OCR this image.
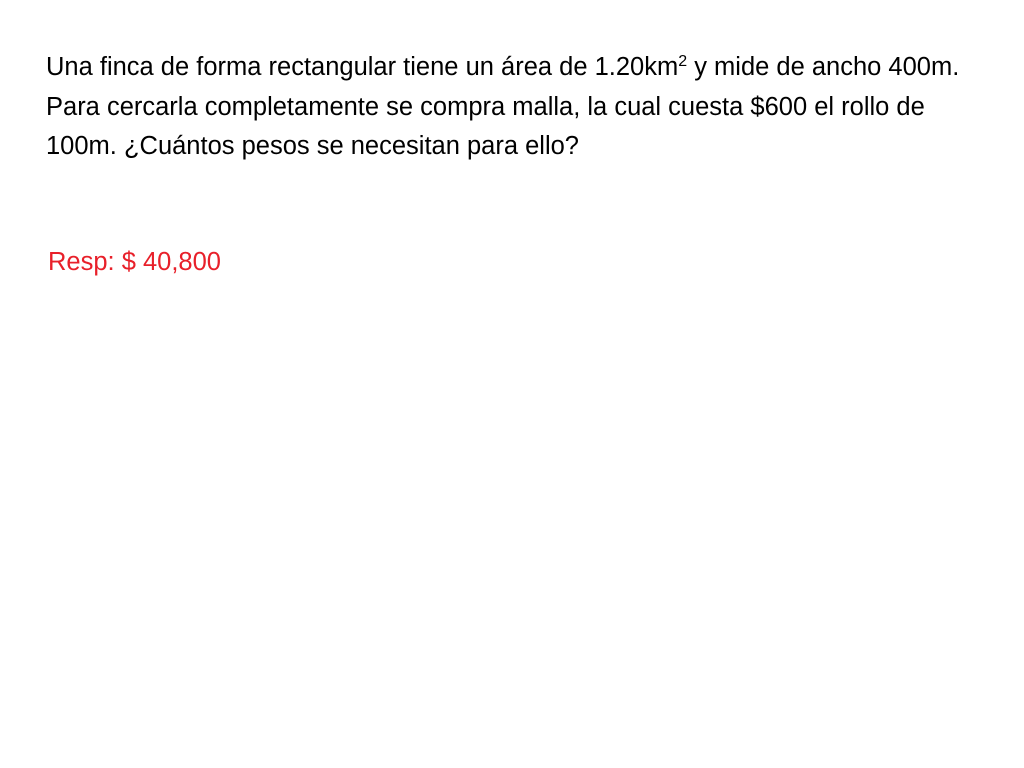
Una finca de forma rectangular tiene un área de $1.20km^2$ y mide de ancho 400m. Para cercarla completamente se compra malla, la cual cuesta $600 el rollo de 100m. ¿Cuántos pesos se necesitan para ello?

Resp: $ 40,800
